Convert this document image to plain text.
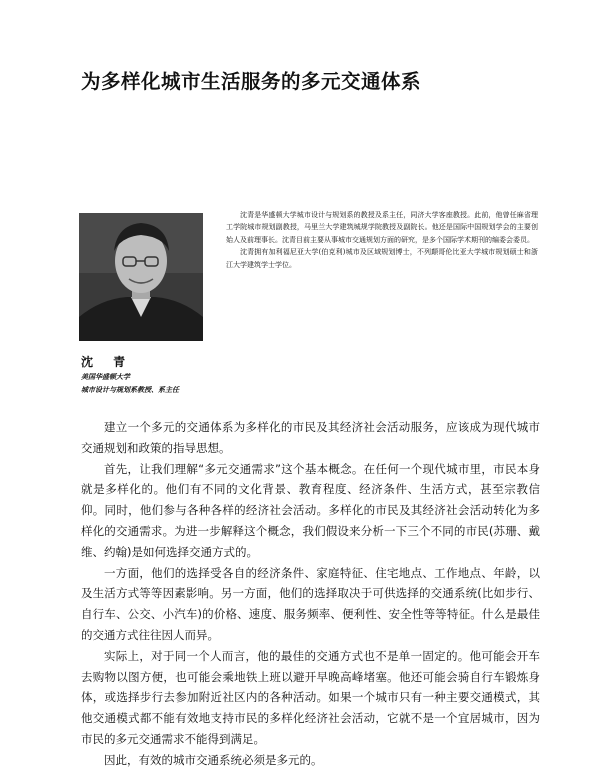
为多样化城市生活服务的多元交通体系

沈青是华盛顿大学城市设计与规划系的教授及系主任，同济大学客座教授。此前，他曾任麻省理工学院城市规划副教授，马里兰大学建筑城规学院教授及副院长。他还是国际中国规划学会的主要创始人及前理事长。沈青目前主要从事城市交通规划方面的研究，是多个国际学术期刊的编委会委员。

沈青拥有加利福尼亚大学(伯克利)城市及区域规划博士，不列颠哥伦比亚大学城市规划硕士和浙江大学建筑学士学位。

沈 青
美国华盛顿大学
城市设计与规划系教授、系主任

建立一个多元的交通体系为多样化的市民及其经济社会活动服务，应该成为现代城市交通规划和政策的指导思想。

首先，让我们理解“多元交通需求”这个基本概念。在任何一个现代城市里，市民本身就是多样化的。他们有不同的文化背景、教育程度、经济条件、生活方式，甚至宗教信仰。同时，他们参与各种各样的经济社会活动。多样化的市民及其经济社会活动转化为多样化的交通需求。为进一步解释这个概念，我们假设来分析一下三个不同的市民(苏珊、戴维、约翰)是如何选择交通方式的。

一方面，他们的选择受各自的经济条件、家庭特征、住宅地点、工作地点、年龄，以及生活方式等等因素影响。另一方面，他们的选择取决于可供选择的交通系统(比如步行、自行车、公交、小汽车)的价格、速度、服务频率、便利性、安全性等等特征。什么是最佳的交通方式往往因人而异。

实际上，对于同一个人而言，他的最佳的交通方式也不是单一固定的。他可能会开车去购物以图方便，也可能会乘地铁上班以避开早晚高峰堵塞。他还可能会骑自行车锻炼身体，或选择步行去参加附近社区内的各种活动。如果一个城市只有一种主要交通模式，其他交通模式都不能有效地支持市民的多样化经济社会活动，它就不是一个宜居城市，因为市民的多元交通需求不能得到满足。

因此，有效的城市交通系统必须是多元的。
